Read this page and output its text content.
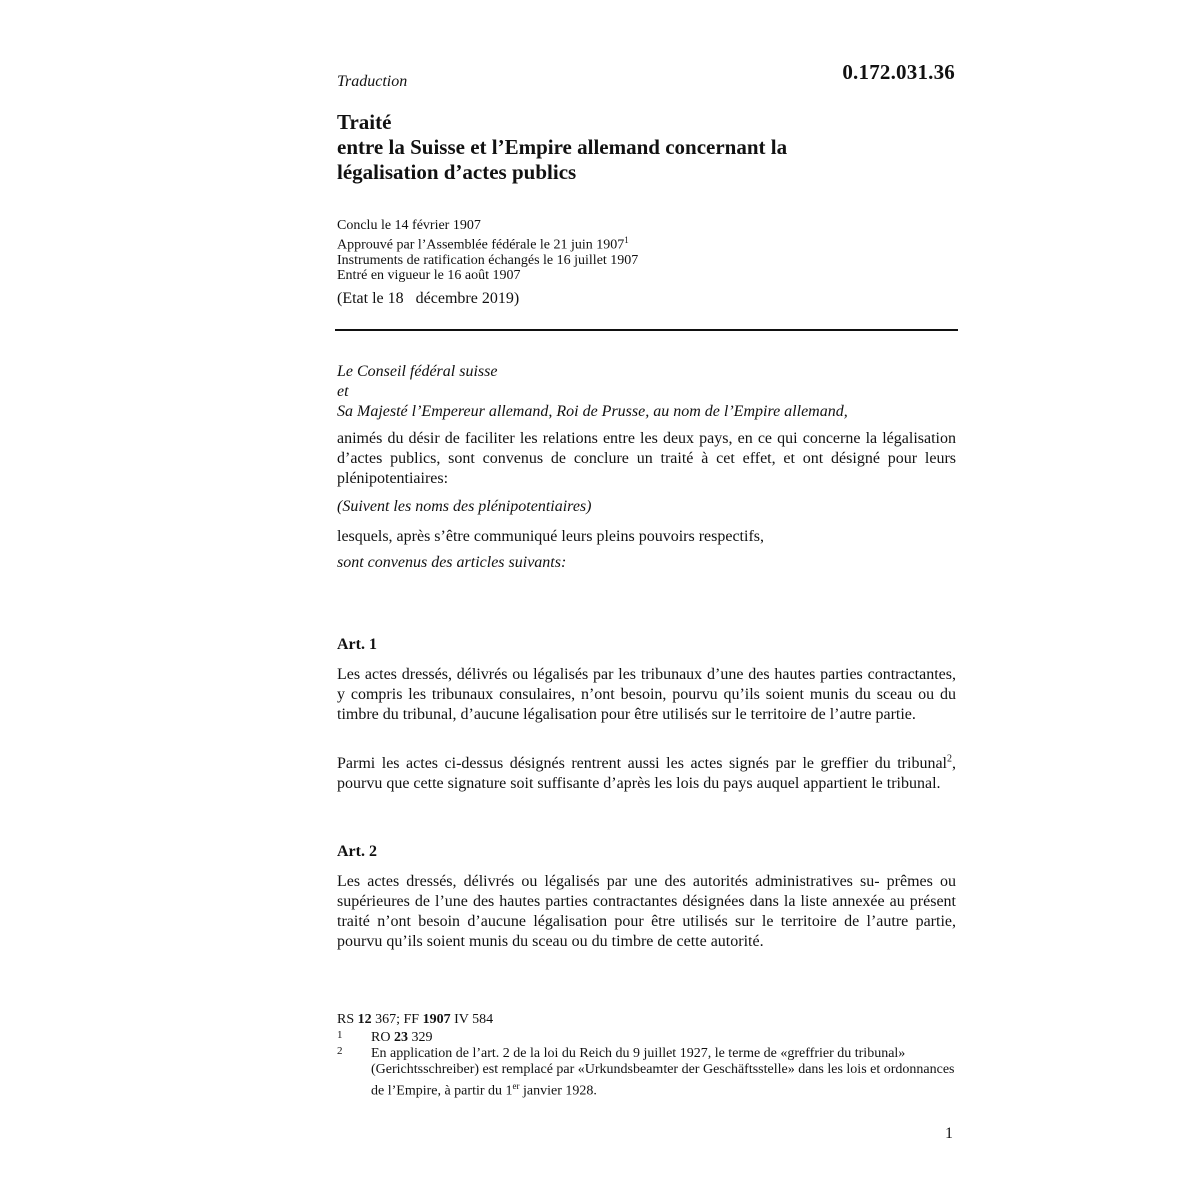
0.172.031.36
Traduction
Traité
entre la Suisse et l’Empire allemand concernant la
légalisation d’actes publics
Conclu le 14 février 1907
Approuvé par l’Assemblée fédérale le 21 juin 1907$^1$
Instruments de ratification échangés le 16 juillet 1907
Entré en vigueur le 16 août 1907
(Etat le 18   décembre 2019)
Le Conseil fédéral suisse
et
Sa Majesté l’Empereur allemand, Roi de Prusse, au nom de l’Empire allemand,
animés du désir de faciliter les relations entre les deux pays, en ce qui concerne la légalisation d’actes publics, sont convenus de conclure un traité à cet effet, et ont désigné pour leurs plénipotentiaires:
(Suivent les noms des plénipotentiaires)
lesquels, après s’être communiqué leurs pleins pouvoirs respectifs,
sont convenus des articles suivants:
Art. 1
Les actes dressés, délivrés ou légalisés par les tribunaux d’une des hautes parties contractantes, y compris les tribunaux consulaires, n’ont besoin, pourvu qu’ils soient munis du sceau ou du timbre du tribunal, d’aucune légalisation pour être utilisés sur le territoire de l’autre partie.
Parmi les actes ci-dessus désignés rentrent aussi les actes signés par le greffier du tribunal$^2$, pourvu que cette signature soit suffisante d’après les lois du pays auquel appartient le tribunal.
Art. 2
Les actes dressés, délivrés ou légalisés par une des autorités administratives su- prêmes ou supérieures de l’une des hautes parties contractantes désignées dans la liste annexée au présent traité n’ont besoin d’aucune légalisation pour être utilisés sur le territoire de l’autre partie, pourvu qu’ils soient munis du sceau ou du timbre de cette autorité.
RS 12 367; FF 1907 IV 584
1 RO 23 329
2 En application de l’art. 2 de la loi du Reich du 9 juillet 1927, le terme de «greffrier du tribunal» (Gerichtsschreiber) est remplacé par «Urkundsbeamter der Geschäftsstelle» dans les lois et ordonnances de l’Empire, à partir du 1er janvier 1928.
1
